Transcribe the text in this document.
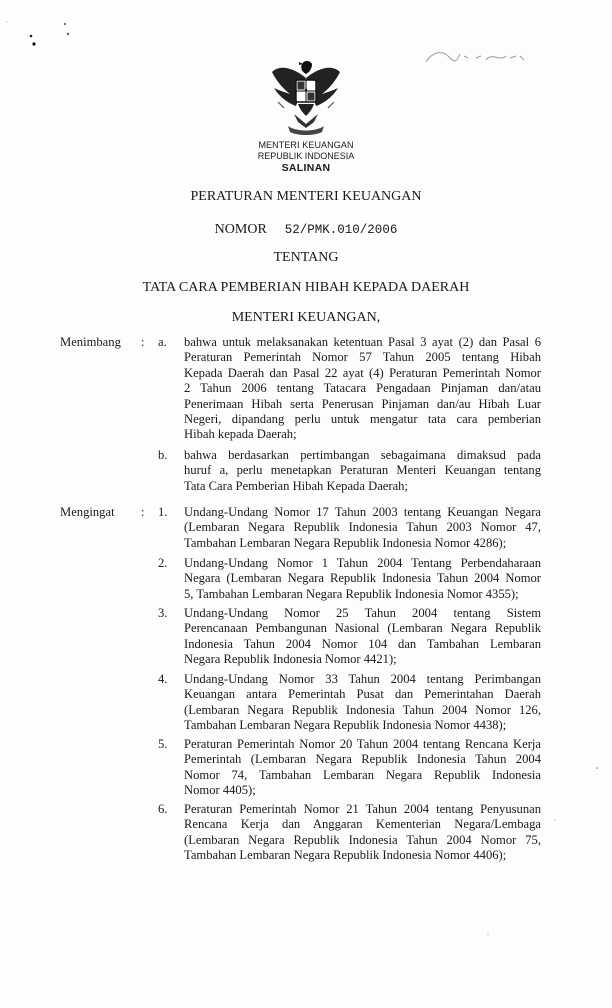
MENTERI KEUANGAN
REPUBLIK INDONESIA
SALINAN
PERATURAN MENTERI KEUANGAN
NOMOR 52/PMK.010/2006
TENTANG
TATA CARA PEMBERIAN HIBAH KEPADA DAERAH
MENTERI KEUANGAN,
Menimbang : a. bahwa untuk melaksanakan ketentuan Pasal 3 ayat (2) dan Pasal 6
Peraturan Pemerintah Nomor 57 Tahun 2005 tentang Hibah
Kepada Daerah dan Pasal 22 ayat (4) Peraturan Pemerintah Nomor
2 Tahun 2006 tentang Tatacara Pengadaan Pinjaman dan/atau
Penerimaan Hibah serta Penerusan Pinjaman dan/au Hibah Luar
Negeri, dipandang perlu untuk mengatur tata cara pemberian
Hibah kepada Daerah;
b. bahwa berdasarkan pertimbangan sebagaimana dimaksud pada
huruf a, perlu menetapkan Peraturan Menteri Keuangan tentang
Tata Cara Pemberian Hibah Kepada Daerah;
Mengingat : 1. Undang-Undang Nomor 17 Tahun 2003 tentang Keuangan Negara
(Lembaran Negara Republik Indonesia Tahun 2003 Nomor 47,
Tambahan Lembaran Negara Republik Indonesia Nomor 4286);
2. Undang-Undang Nomor 1 Tahun 2004 Tentang Perbendaharaan
Negara (Lembaran Negara Republik Indonesia Tahun 2004 Nomor
5, Tambahan Lembaran Negara Republik Indonesia Nomor 4355);
3. Undang-Undang Nomor 25 Tahun 2004 tentang Sistem
Perencanaan Pembangunan Nasional (Lembaran Negara Republik
Indonesia Tahun 2004 Nomor 104 dan Tambahan Lembaran
Negara Republik Indonesia Nomor 4421);
4. Undang-Undang Nomor 33 Tahun 2004 tentang Perimbangan
Keuangan antara Pemerintah Pusat dan Pemerintahan Daerah
(Lembaran Negara Republik Indonesia Tahun 2004 Nomor 126,
Tambahan Lembaran Negara Republik Indonesia Nomor 4438);
5. Peraturan Pemerintah Nomor 20 Tahun 2004 tentang Rencana Kerja
Pemerintah (Lembaran Negara Republik Indonesia Tahun 2004
Nomor 74, Tambahan Lembaran Negara Republik Indonesia
Nomor 4405);
6. Peraturan Pemerintah Nomor 21 Tahun 2004 tentang Penyusunan
Rencana Kerja dan Anggaran Kementerian Negara/Lembaga
(Lembaran Negara Republik Indonesia Tahun 2004 Nomor 75,
Tambahan Lembaran Negara Republik Indonesia Nomor 4406);
